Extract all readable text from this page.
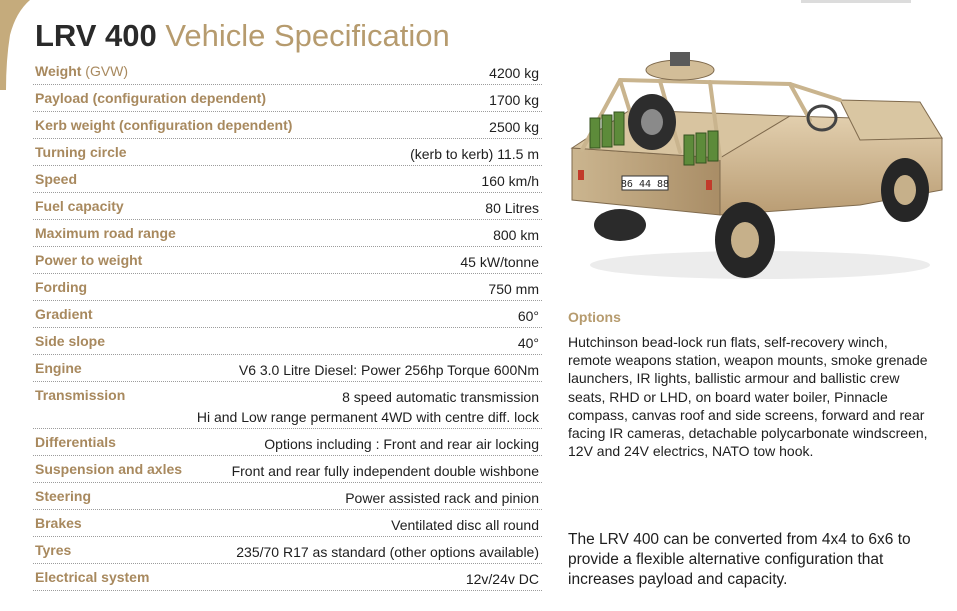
LRV 400 Vehicle Specification
Weight (GVW)	4200 kg
Payload (configuration dependent)	1700 kg
Kerb weight (configuration dependent)	2500 kg
Turning circle	(kerb to kerb) 11.5 m
Speed	160 km/h
Fuel capacity	80 Litres
Maximum road range	800 km
Power to weight	45 kW/tonne
Fording	750 mm
Gradient	60°
Side slope	40°
Engine	V6 3.0 Litre Diesel: Power 256hp Torque 600Nm
Transmission	8 speed automatic transmission
Hi and Low range permanent 4WD with centre diff. lock
Differentials	Options including : Front and rear air locking
Suspension and axles	Front and rear fully independent double wishbone
Steering	Power assisted rack and pinion
Brakes	Ventilated disc all round
Tyres	235/70 R17 as standard (other options available)
Electrical system	12v/24v DC
86 44 88
Options

Hutchinson bead-lock run flats, self-recovery winch, remote weapons station, weapon mounts, smoke grenade launchers, IR lights, ballistic armour and ballistic crew seats, RHD or LHD, on board water boiler, Pinnacle compass, canvas roof and side screens, forward and rear facing IR cameras, detachable polycarbonate windscreen, 12V and 24V electrics, NATO tow hook.

The LRV 400 can be converted from 4x4 to 6x6 to provide a flexible alternative configuration that increases payload and capacity.
